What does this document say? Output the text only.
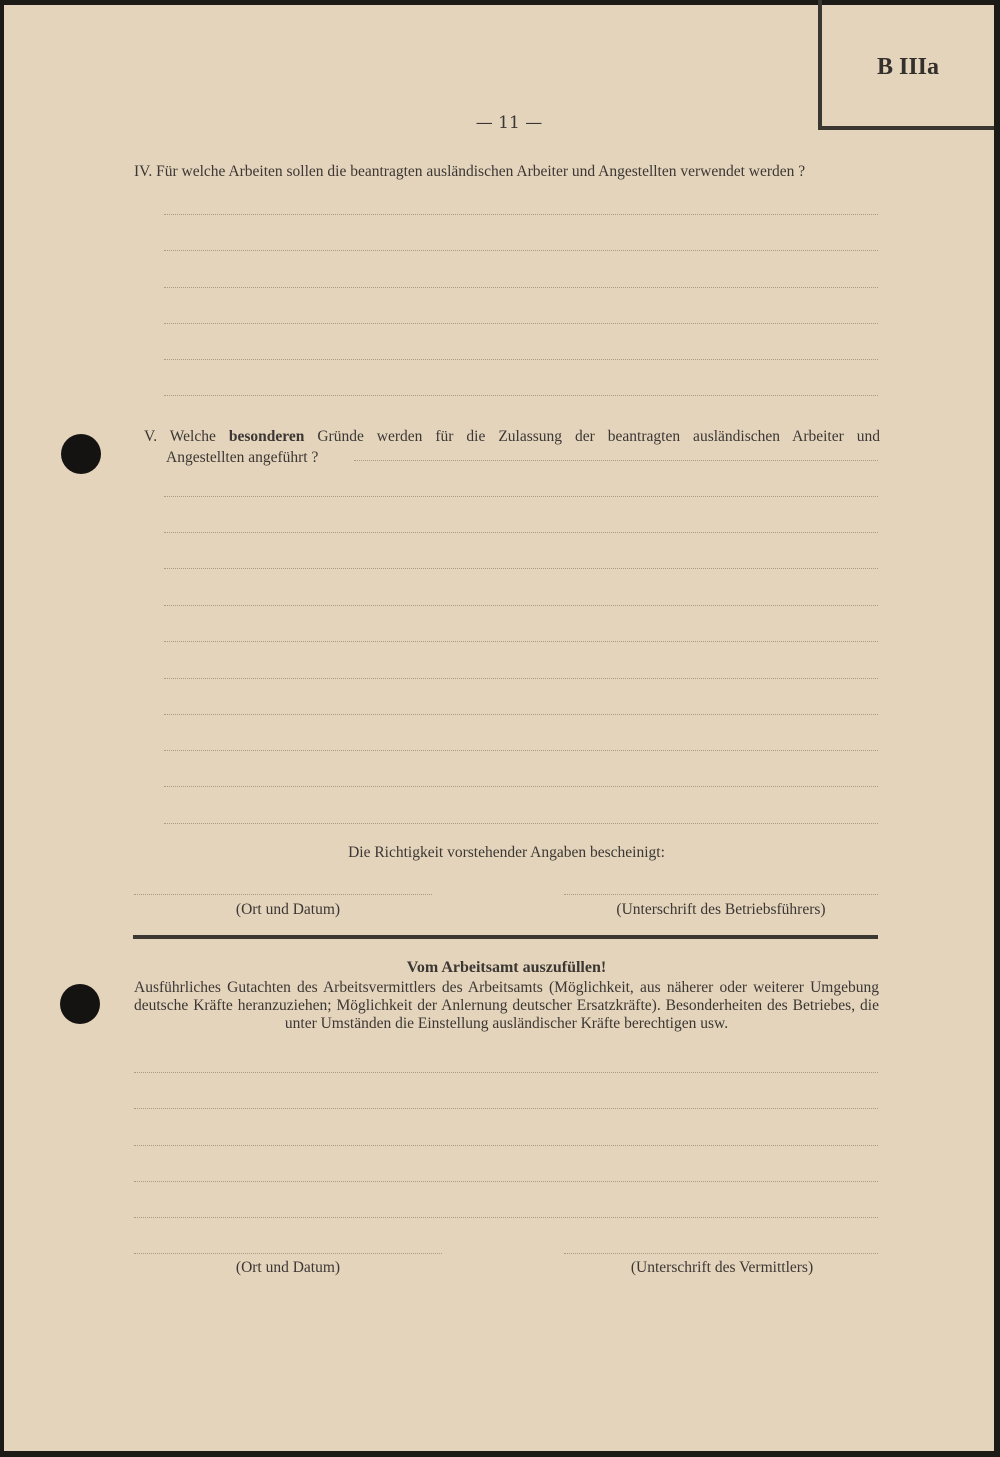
B IIIa
— 11 —
IV. Für welche Arbeiten sollen die beantragten ausländischen Arbeiter und Angestellten verwendet werden ?
V. Welche besonderen Gründe werden für die Zulassung der beantragten ausländischen Arbeiter und
Angestellten angeführt ?
Die Richtigkeit vorstehender Angaben bescheinigt:
(Ort und Datum)	(Unterschrift des Betriebsführers)
Vom Arbeitsamt auszufüllen!
Ausführliches Gutachten des Arbeitsvermittlers des Arbeitsamts (Möglichkeit, aus näherer oder weiterer Umgebung deutsche Kräfte heranzuziehen; Möglichkeit der Anlernung deutscher Ersatzkräfte). Besonderheiten des Betriebes, die unter Umständen die Einstellung ausländischer Kräfte berechtigen usw.
(Ort und Datum)	(Unterschrift des Vermittlers)
